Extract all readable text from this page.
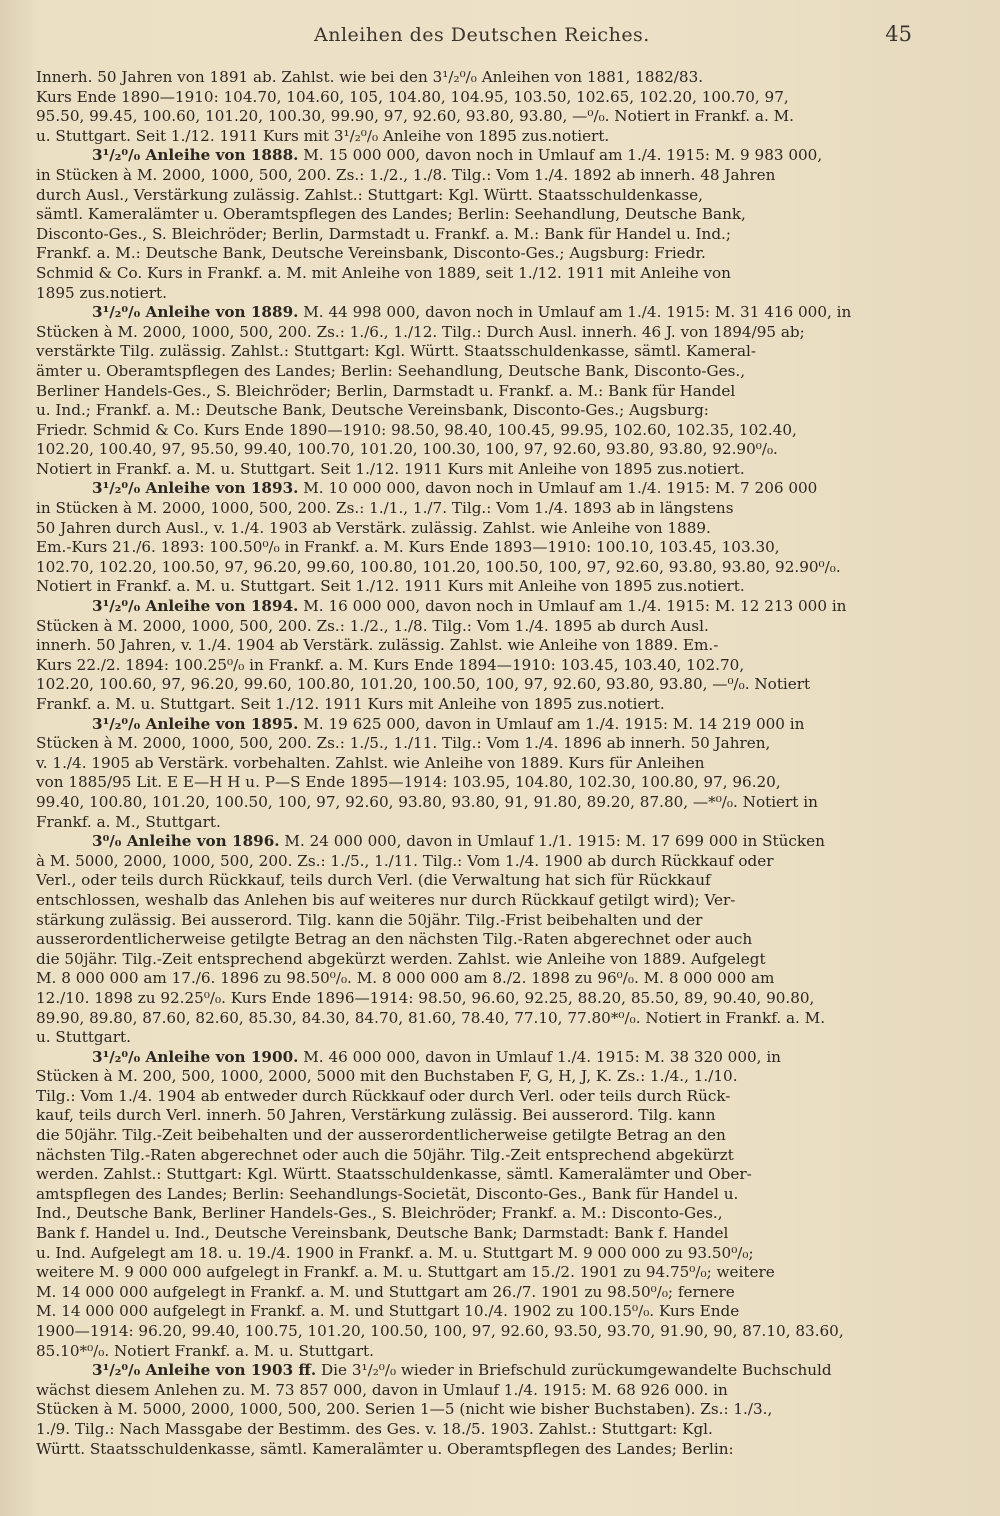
Anleihen des Deutschen Reiches.	45
Innerh. 50 Jahren von 1891 ab. Zahlst. wie bei den 3¹/₂⁰/₀ Anleihen von 1881, 1882/83.
Kurs Ende 1890—1910: 104.70, 104.60, 105, 104.80, 104.95, 103.50, 102.65, 102.20, 100.70, 97,
95.50, 99.45, 100.60, 101.20, 100.30, 99.90, 97, 92.60, 93.80, 93.80, —⁰/₀. Notiert in Frankf. a. M.
u. Stuttgart. Seit 1./12. 1911 Kurs mit 3¹/₂⁰/₀ Anleihe von 1895 zus.notiert.
3¹/₂⁰/₀ Anleihe von 1888. M. 15 000 000, davon noch in Umlauf am 1./4. 1915: M. 9 983 000,
in Stücken à M. 2000, 1000, 500, 200. Zs.: 1./2., 1./8. Tilg.: Vom 1./4. 1892 ab innerh. 48 Jahren
durch Ausl., Verstärkung zulässig. Zahlst.: Stuttgart: Kgl. Württ. Staatsschuldenkasse,
sämtl. Kameralämter u. Oberamtspflegen des Landes; Berlin: Seehandlung, Deutsche Bank,
Disconto-Ges., S. Bleichröder; Berlin, Darmstadt u. Frankf. a. M.: Bank für Handel u. Ind.;
Frankf. a. M.: Deutsche Bank, Deutsche Vereinsbank, Disconto-Ges.; Augsburg: Friedr.
Schmid & Co. Kurs in Frankf. a. M. mit Anleihe von 1889, seit 1./12. 1911 mit Anleihe von
1895 zus.notiert.
3¹/₂⁰/₀ Anleihe von 1889. M. 44 998 000, davon noch in Umlauf am 1./4. 1915: M. 31 416 000, in
Stücken à M. 2000, 1000, 500, 200. Zs.: 1./6., 1./12. Tilg.: Durch Ausl. innerh. 46 J. von 1894/95 ab;
verstärkte Tilg. zulässig. Zahlst.: Stuttgart: Kgl. Württ. Staatsschuldenkasse, sämtl. Kameral-
ämter u. Oberamtspflegen des Landes; Berlin: Seehandlung, Deutsche Bank, Disconto-Ges.,
Berliner Handels-Ges., S. Bleichröder; Berlin, Darmstadt u. Frankf. a. M.: Bank für Handel
u. Ind.; Frankf. a. M.: Deutsche Bank, Deutsche Vereinsbank, Disconto-Ges.; Augsburg:
Friedr. Schmid & Co. Kurs Ende 1890—1910: 98.50, 98.40, 100.45, 99.95, 102.60, 102.35, 102.40,
102.20, 100.40, 97, 95.50, 99.40, 100.70, 101.20, 100.30, 100, 97, 92.60, 93.80, 93.80, 92.90⁰/₀.
Notiert in Frankf. a. M. u. Stuttgart. Seit 1./12. 1911 Kurs mit Anleihe von 1895 zus.notiert.
3¹/₂⁰/₀ Anleihe von 1893. M. 10 000 000, davon noch in Umlauf am 1./4. 1915: M. 7 206 000
in Stücken à M. 2000, 1000, 500, 200. Zs.: 1./1., 1./7. Tilg.: Vom 1./4. 1893 ab in längstens
50 Jahren durch Ausl., v. 1./4. 1903 ab Verstärk. zulässig. Zahlst. wie Anleihe von 1889.
Em.-Kurs 21./6. 1893: 100.50⁰/₀ in Frankf. a. M. Kurs Ende 1893—1910: 100.10, 103.45, 103.30,
102.70, 102.20, 100.50, 97, 96.20, 99.60, 100.80, 101.20, 100.50, 100, 97, 92.60, 93.80, 93.80, 92.90⁰/₀.
Notiert in Frankf. a. M. u. Stuttgart. Seit 1./12. 1911 Kurs mit Anleihe von 1895 zus.notiert.
3¹/₂⁰/₀ Anleihe von 1894. M. 16 000 000, davon noch in Umlauf am 1./4. 1915: M. 12 213 000 in
Stücken à M. 2000, 1000, 500, 200. Zs.: 1./2., 1./8. Tilg.: Vom 1./4. 1895 ab durch Ausl.
innerh. 50 Jahren, v. 1./4. 1904 ab Verstärk. zulässig. Zahlst. wie Anleihe von 1889. Em.-
Kurs 22./2. 1894: 100.25⁰/₀ in Frankf. a. M. Kurs Ende 1894—1910: 103.45, 103.40, 102.70,
102.20, 100.60, 97, 96.20, 99.60, 100.80, 101.20, 100.50, 100, 97, 92.60, 93.80, 93.80, —⁰/₀. Notiert
Frankf. a. M. u. Stuttgart. Seit 1./12. 1911 Kurs mit Anleihe von 1895 zus.notiert.
3¹/₂⁰/₀ Anleihe von 1895. M. 19 625 000, davon in Umlauf am 1./4. 1915: M. 14 219 000 in
Stücken à M. 2000, 1000, 500, 200. Zs.: 1./5., 1./11. Tilg.: Vom 1./4. 1896 ab innerh. 50 Jahren,
v. 1./4. 1905 ab Verstärk. vorbehalten. Zahlst. wie Anleihe von 1889. Kurs für Anleihen
von 1885/95 Lit. E E—H H u. P—S Ende 1895—1914: 103.95, 104.80, 102.30, 100.80, 97, 96.20,
99.40, 100.80, 101.20, 100.50, 100, 97, 92.60, 93.80, 93.80, 91, 91.80, 89.20, 87.80, —*⁰/₀. Notiert in
Frankf. a. M., Stuttgart.
3⁰/₀ Anleihe von 1896. M. 24 000 000, davon in Umlauf 1./1. 1915: M. 17 699 000 in Stücken
à M. 5000, 2000, 1000, 500, 200. Zs.: 1./5., 1./11. Tilg.: Vom 1./4. 1900 ab durch Rückkauf oder
Verl., oder teils durch Rückkauf, teils durch Verl. (die Verwaltung hat sich für Rückkauf
entschlossen, weshalb das Anlehen bis auf weiteres nur durch Rückkauf getilgt wird); Ver-
stärkung zulässig. Bei ausserord. Tilg. kann die 50jähr. Tilg.-Frist beibehalten und der
ausserordentlicherweise getilgte Betrag an den nächsten Tilg.-Raten abgerechnet oder auch
die 50jähr. Tilg.-Zeit entsprechend abgekürzt werden. Zahlst. wie Anleihe von 1889. Aufgelegt
M. 8 000 000 am 17./6. 1896 zu 98.50⁰/₀. M. 8 000 000 am 8./2. 1898 zu 96⁰/₀. M. 8 000 000 am
12./10. 1898 zu 92.25⁰/₀. Kurs Ende 1896—1914: 98.50, 96.60, 92.25, 88.20, 85.50, 89, 90.40, 90.80,
89.90, 89.80, 87.60, 82.60, 85.30, 84.30, 84.70, 81.60, 78.40, 77.10, 77.80*⁰/₀. Notiert in Frankf. a. M.
u. Stuttgart.
3¹/₂⁰/₀ Anleihe von 1900. M. 46 000 000, davon in Umlauf 1./4. 1915: M. 38 320 000, in
Stücken à M. 200, 500, 1000, 2000, 5000 mit den Buchstaben F, G, H, J, K. Zs.: 1./4., 1./10.
Tilg.: Vom 1./4. 1904 ab entweder durch Rückkauf oder durch Verl. oder teils durch Rück-
kauf, teils durch Verl. innerh. 50 Jahren, Verstärkung zulässig. Bei ausserord. Tilg. kann
die 50jähr. Tilg.-Zeit beibehalten und der ausserordentlicherweise getilgte Betrag an den
nächsten Tilg.-Raten abgerechnet oder auch die 50jähr. Tilg.-Zeit entsprechend abgekürzt
werden. Zahlst.: Stuttgart: Kgl. Württ. Staatsschuldenkasse, sämtl. Kameralämter und Ober-
amtspflegen des Landes; Berlin: Seehandlungs-Societät, Disconto-Ges., Bank für Handel u.
Ind., Deutsche Bank, Berliner Handels-Ges., S. Bleichröder; Frankf. a. M.: Disconto-Ges.,
Bank f. Handel u. Ind., Deutsche Vereinsbank, Deutsche Bank; Darmstadt: Bank f. Handel
u. Ind. Aufgelegt am 18. u. 19./4. 1900 in Frankf. a. M. u. Stuttgart M. 9 000 000 zu 93.50⁰/₀;
weitere M. 9 000 000 aufgelegt in Frankf. a. M. u. Stuttgart am 15./2. 1901 zu 94.75⁰/₀; weitere
M. 14 000 000 aufgelegt in Frankf. a. M. und Stuttgart am 26./7. 1901 zu 98.50⁰/₀; fernere
M. 14 000 000 aufgelegt in Frankf. a. M. und Stuttgart 10./4. 1902 zu 100.15⁰/₀. Kurs Ende
1900—1914: 96.20, 99.40, 100.75, 101.20, 100.50, 100, 97, 92.60, 93.50, 93.70, 91.90, 90, 87.10, 83.60,
85.10*⁰/₀. Notiert Frankf. a. M. u. Stuttgart.
3¹/₂⁰/₀ Anleihe von 1903 ff. Die 3¹/₂⁰/₀ wieder in Briefschuld zurückumgewandelte Buchschuld
wächst diesem Anlehen zu. M. 73 857 000, davon in Umlauf 1./4. 1915: M. 68 926 000. in
Stücken à M. 5000, 2000, 1000, 500, 200. Serien 1—5 (nicht wie bisher Buchstaben). Zs.: 1./3.,
1./9. Tilg.: Nach Massgabe der Bestimm. des Ges. v. 18./5. 1903. Zahlst.: Stuttgart: Kgl.
Württ. Staatsschuldenkasse, sämtl. Kameralämter u. Oberamtspflegen des Landes; Berlin:
